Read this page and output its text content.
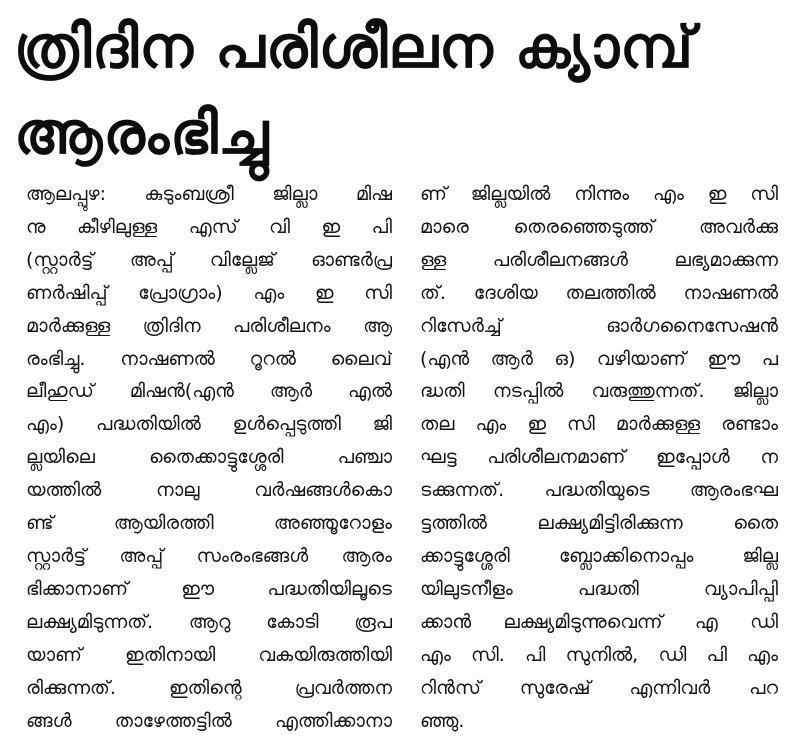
ത്രിദിന പരിശീലന ക്യാമ്പ്
ആരംഭിച്ചു
ആലപ്പുഴ: കുടുംബശ്രീ ജില്ലാ മിഷ
നു കീഴിലുള്ള എസ് വി ഇ പി
(സ്റ്റാർട്ട് അപ്പ് വില്ലേജ് ഓണ്ടർപ്ര
ണർഷിപ്പ് പ്രോഗ്രാം) എം ഇ സി
മാർക്കുള്ള ത്രിദിന പരിശീലനം ആ
രംഭിച്ചു. നാഷണൽ റൂറൽ ലൈവ്
ലീഹുഡ് മിഷൻ(എൻ ആർ എൽ
എം) പദ്ധതിയിൽ ഉൾപ്പെടുത്തി ജി
ല്ലയിലെ തൈക്കാട്ടുശ്ശേരി പഞ്ചാ
യത്തിൽ നാലു വർഷങ്ങൾകൊ
ണ്ട് ആയിരത്തി അഞ്ഞൂറോളം
സ്റ്റാർട്ട് അപ്പ് സംരംഭങ്ങൾ ആരം
ഭിക്കാനാണ് ഈ പദ്ധതിയിലൂടെ
ലക്ഷ്യമിടുന്നത്. ആറു കോടി രൂപ
യാണ് ഇതിനായി വകയിരുത്തിയി
രിക്കുന്നത്. ഇതിന്റെ പ്രവർത്തന
ങ്ങൾ താഴേത്തട്ടിൽ എത്തിക്കാനാ
ണ് ജില്ലയിൽ നിന്നും എം ഇ സി
മാരെ തെരഞ്ഞെടുത്ത് അവർക്കു
ള്ള പരിശീലനങ്ങൾ ലഭ്യമാക്കുന്ന
ത്. ദേശിയ തലത്തിൽ നാഷണൽ
റിസേർച്ച് ഓർഗനൈസേഷൻ
(എൻ ആർ ഒ) വഴിയാണ് ഈ പ
ദ്ധതി നടപ്പിൽ വരുത്തുന്നത്. ജില്ലാ
തല എം ഇ സി മാർക്കുള്ള രണ്ടാം
ഘട്ട പരിശീലനമാണ് ഇപ്പോൾ ന
ടക്കുന്നത്. പദ്ധതിയുടെ ആരംഭഘ
ട്ടത്തിൽ ലക്ഷ്യമിട്ടിരിക്കുന്ന തൈ
ക്കാട്ടുശ്ശേരി ബ്ലോക്കിനൊപ്പം ജില്ല
യിലുടനീളം പദ്ധതി വ്യാപിപ്പി
ക്കാൻ ലക്ഷ്യമിടുന്നുവെന്ന് എ ഡി
എം സി. പി സുനിൽ, ഡി പി എം
റിൻസ് സുരേഷ് എന്നിവർ പറ
ഞ്ഞു.
